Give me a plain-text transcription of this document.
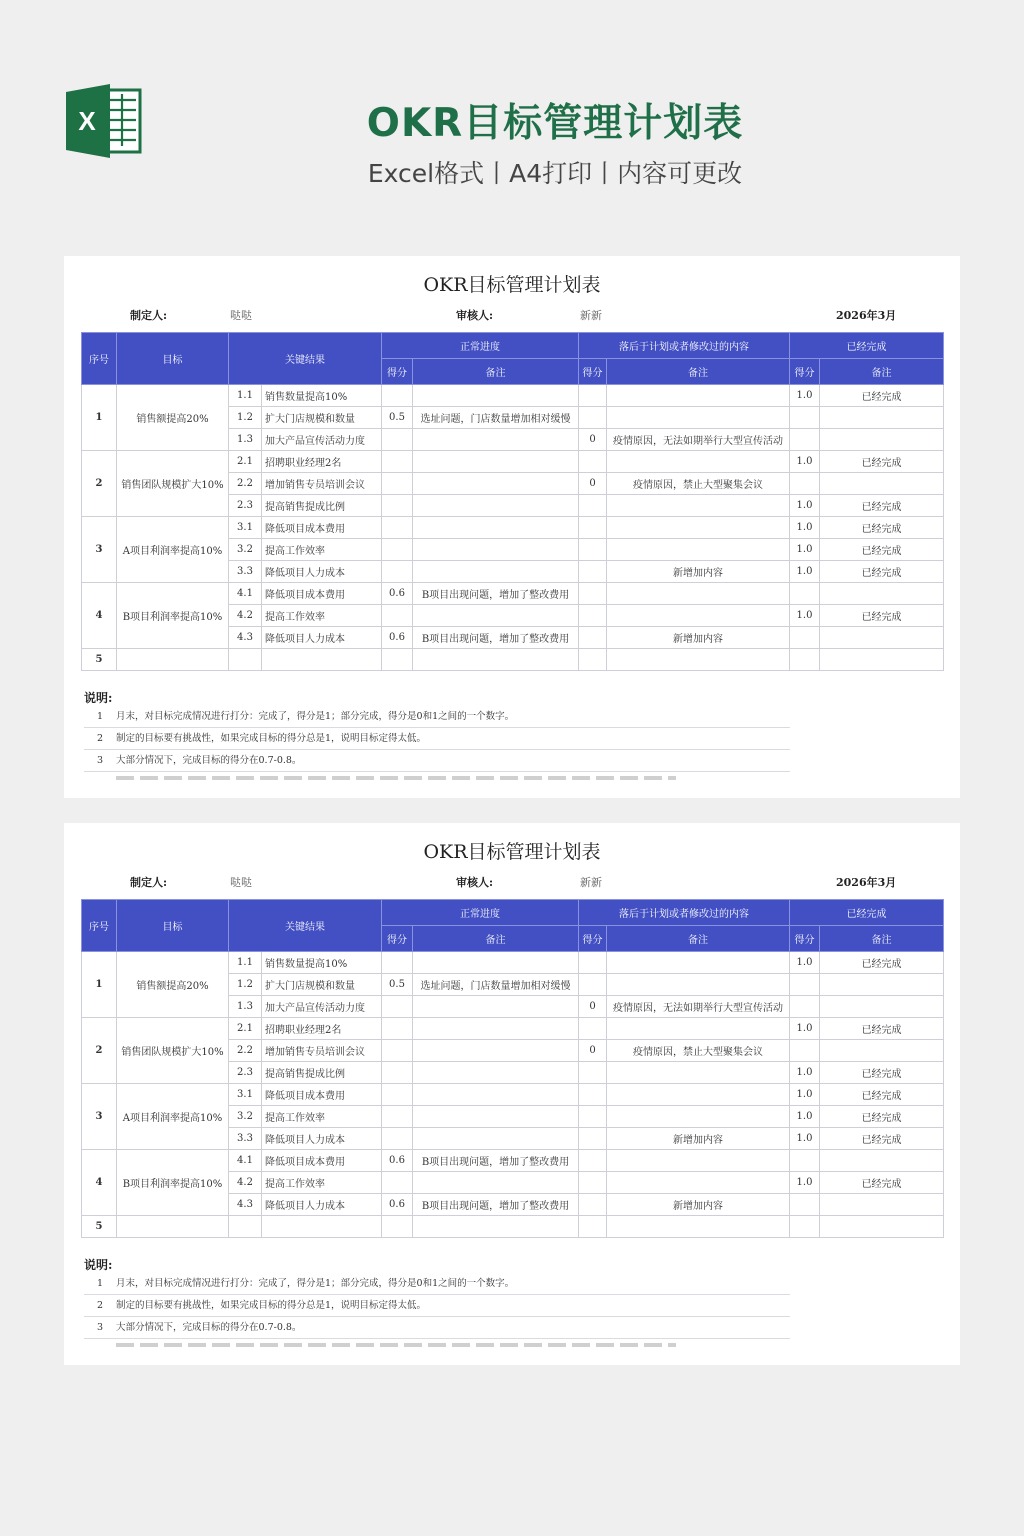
X	OKR目标管理计划表
Excel格式丨A4打印丨内容可更改
OKR目标管理计划表
制定人:	哒哒	审核人:	新新	2026年3月
序号	目标	关键结果		正常进度		落后于计划或者修改过的内容		已经完成	
				得分	备注	得分	备注	得分	备注
1	销售额提高20%	1.1	销售数量提高10%					1.0	已经完成
		1.2	扩大门店规模和数量	0.5	选址问题，门店数量增加相对缓慢				
		1.3	加大产品宣传活动力度			0	疫情原因，无法如期举行大型宣传活动		
2	销售团队规模扩大10%	2.1	招聘职业经理2名					1.0	已经完成
		2.2	增加销售专员培训会议			0	疫情原因，禁止大型聚集会议		
		2.3	提高销售提成比例					1.0	已经完成
3	A项目利润率提高10%	3.1	降低项目成本费用					1.0	已经完成
		3.2	提高工作效率					1.0	已经完成
		3.3	降低项目人力成本				新增加内容	1.0	已经完成
4	B项目利润率提高10%	4.1	降低项目成本费用	0.6	B项目出现问题，增加了整改费用				
		4.2	提高工作效率					1.0	已经完成
		4.3	降低项目人力成本	0.6	B项目出现问题，增加了整改费用		新增加内容		
5									
说明:
1 月末，对目标完成情况进行打分：完成了，得分是1；部分完成，得分是0和1之间的一个数字。
2 制定的目标要有挑战性，如果完成目标的得分总是1，说明目标定得太低。
3 大部分情况下，完成目标的得分在0.7-0.8。
OKR目标管理计划表
制定人:	哒哒	审核人:	新新	2026年3月
序号	目标	关键结果		正常进度		落后于计划或者修改过的内容		已经完成	
				得分	备注	得分	备注	得分	备注
1	销售额提高20%	1.1	销售数量提高10%					1.0	已经完成
		1.2	扩大门店规模和数量	0.5	选址问题，门店数量增加相对缓慢				
		1.3	加大产品宣传活动力度			0	疫情原因，无法如期举行大型宣传活动		
2	销售团队规模扩大10%	2.1	招聘职业经理2名					1.0	已经完成
		2.2	增加销售专员培训会议			0	疫情原因，禁止大型聚集会议		
		2.3	提高销售提成比例					1.0	已经完成
3	A项目利润率提高10%	3.1	降低项目成本费用					1.0	已经完成
		3.2	提高工作效率					1.0	已经完成
		3.3	降低项目人力成本				新增加内容	1.0	已经完成
4	B项目利润率提高10%	4.1	降低项目成本费用	0.6	B项目出现问题，增加了整改费用				
		4.2	提高工作效率					1.0	已经完成
		4.3	降低项目人力成本	0.6	B项目出现问题，增加了整改费用		新增加内容		
5									
说明:
1 月末，对目标完成情况进行打分：完成了，得分是1；部分完成，得分是0和1之间的一个数字。
2 制定的目标要有挑战性，如果完成目标的得分总是1，说明目标定得太低。
3 大部分情况下，完成目标的得分在0.7-0.8。
